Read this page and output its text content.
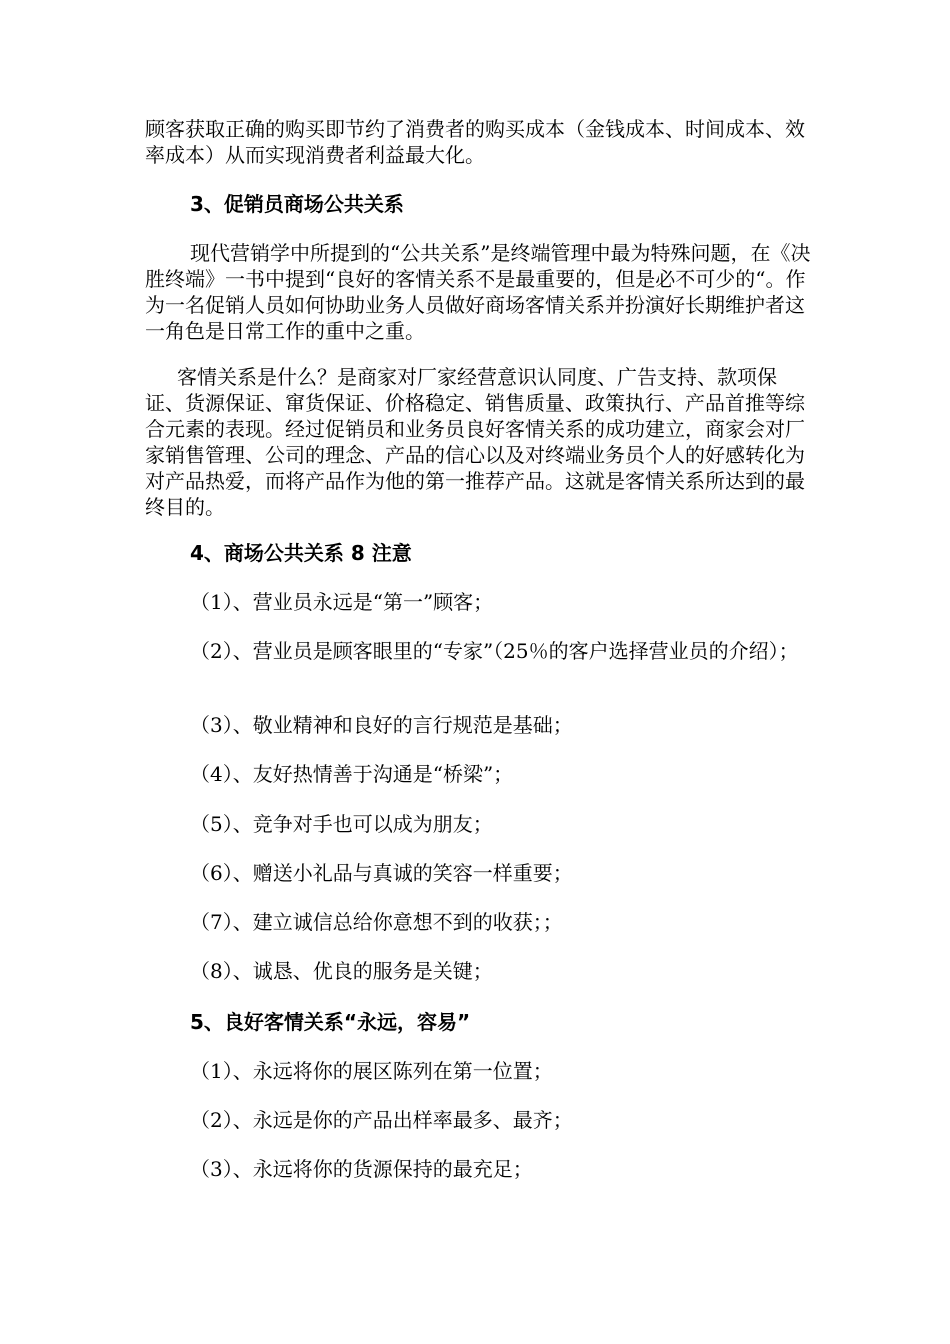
顾客获取正确的购买即节约了消费者的购买成本（金钱成本、时间成本、效率成本）从而实现消费者利益最大化。

3、促销员商场公共关系

现代营销学中所提到的“公共关系”是终端管理中最为特殊问题，在《决胜终端》一书中提到“良好的客情关系不是最重要的，但是必不可少的“。作为一名促销人员如何协助业务人员做好商场客情关系并扮演好长期维护者这一角色是日常工作的重中之重。

客情关系是什么？是商家对厂家经营意识认同度、广告支持、款项保证、货源保证、窜货保证、价格稳定、销售质量、政策执行、产品首推等综合元素的表现。经过促销员和业务员良好客情关系的成功建立，商家会对厂家销售管理、公司的理念、产品的信心以及对终端业务员个人的好感转化为对产品热爱，而将产品作为他的第一推荐产品。这就是客情关系所达到的最终目的。

4、商场公共关系 8 注意

（1）、营业员永远是“第一”顾客；

（2）、营业员是顾客眼里的“专家”（25％的客户选择营业员的介绍）；

（3）、敬业精神和良好的言行规范是基础；

（4）、友好热情善于沟通是“桥梁”；

（5）、竞争对手也可以成为朋友；

（6）、赠送小礼品与真诚的笑容一样重要；

（7）、建立诚信总给你意想不到的收获；；

（8）、诚恳、优良的服务是关键；

5、良好客情关系“永远，容易”

（1）、永远将你的展区陈列在第一位置；

（2）、永远是你的产品出样率最多、最齐；

（3）、永远将你的货源保持的最充足；
